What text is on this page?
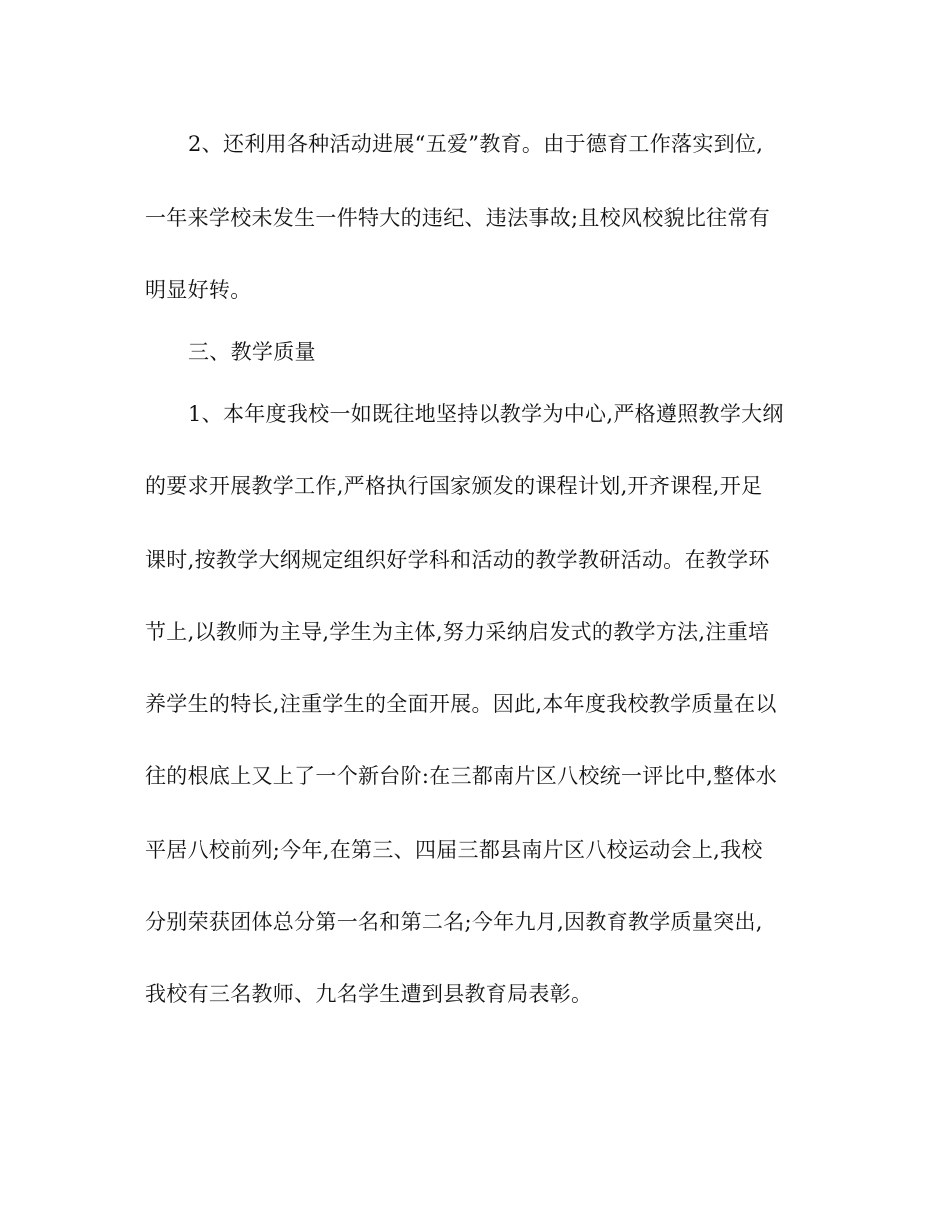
2、还利用各种活动进展“五爱”教育。由于德育工作落实到位,
一年来学校未发生一件特大的违纪、违法事故;且校风校貌比往常有
明显好转。
三、教学质量
1、本年度我校一如既往地坚持以教学为中心,严格遵照教学大纲
的要求开展教学工作,严格执行国家颁发的课程计划,开齐课程,开足
课时,按教学大纲规定组织好学科和活动的教学教研活动。在教学环
节上,以教师为主导,学生为主体,努力采纳启发式的教学方法,注重培
养学生的特长,注重学生的全面开展。因此,本年度我校教学质量在以
往的根底上又上了一个新台阶:在三都南片区八校统一评比中,整体水
平居八校前列;今年,在第三、四届三都县南片区八校运动会上,我校
分别荣获团体总分第一名和第二名;今年九月,因教育教学质量突出,
我校有三名教师、九名学生遭到县教育局表彰。
